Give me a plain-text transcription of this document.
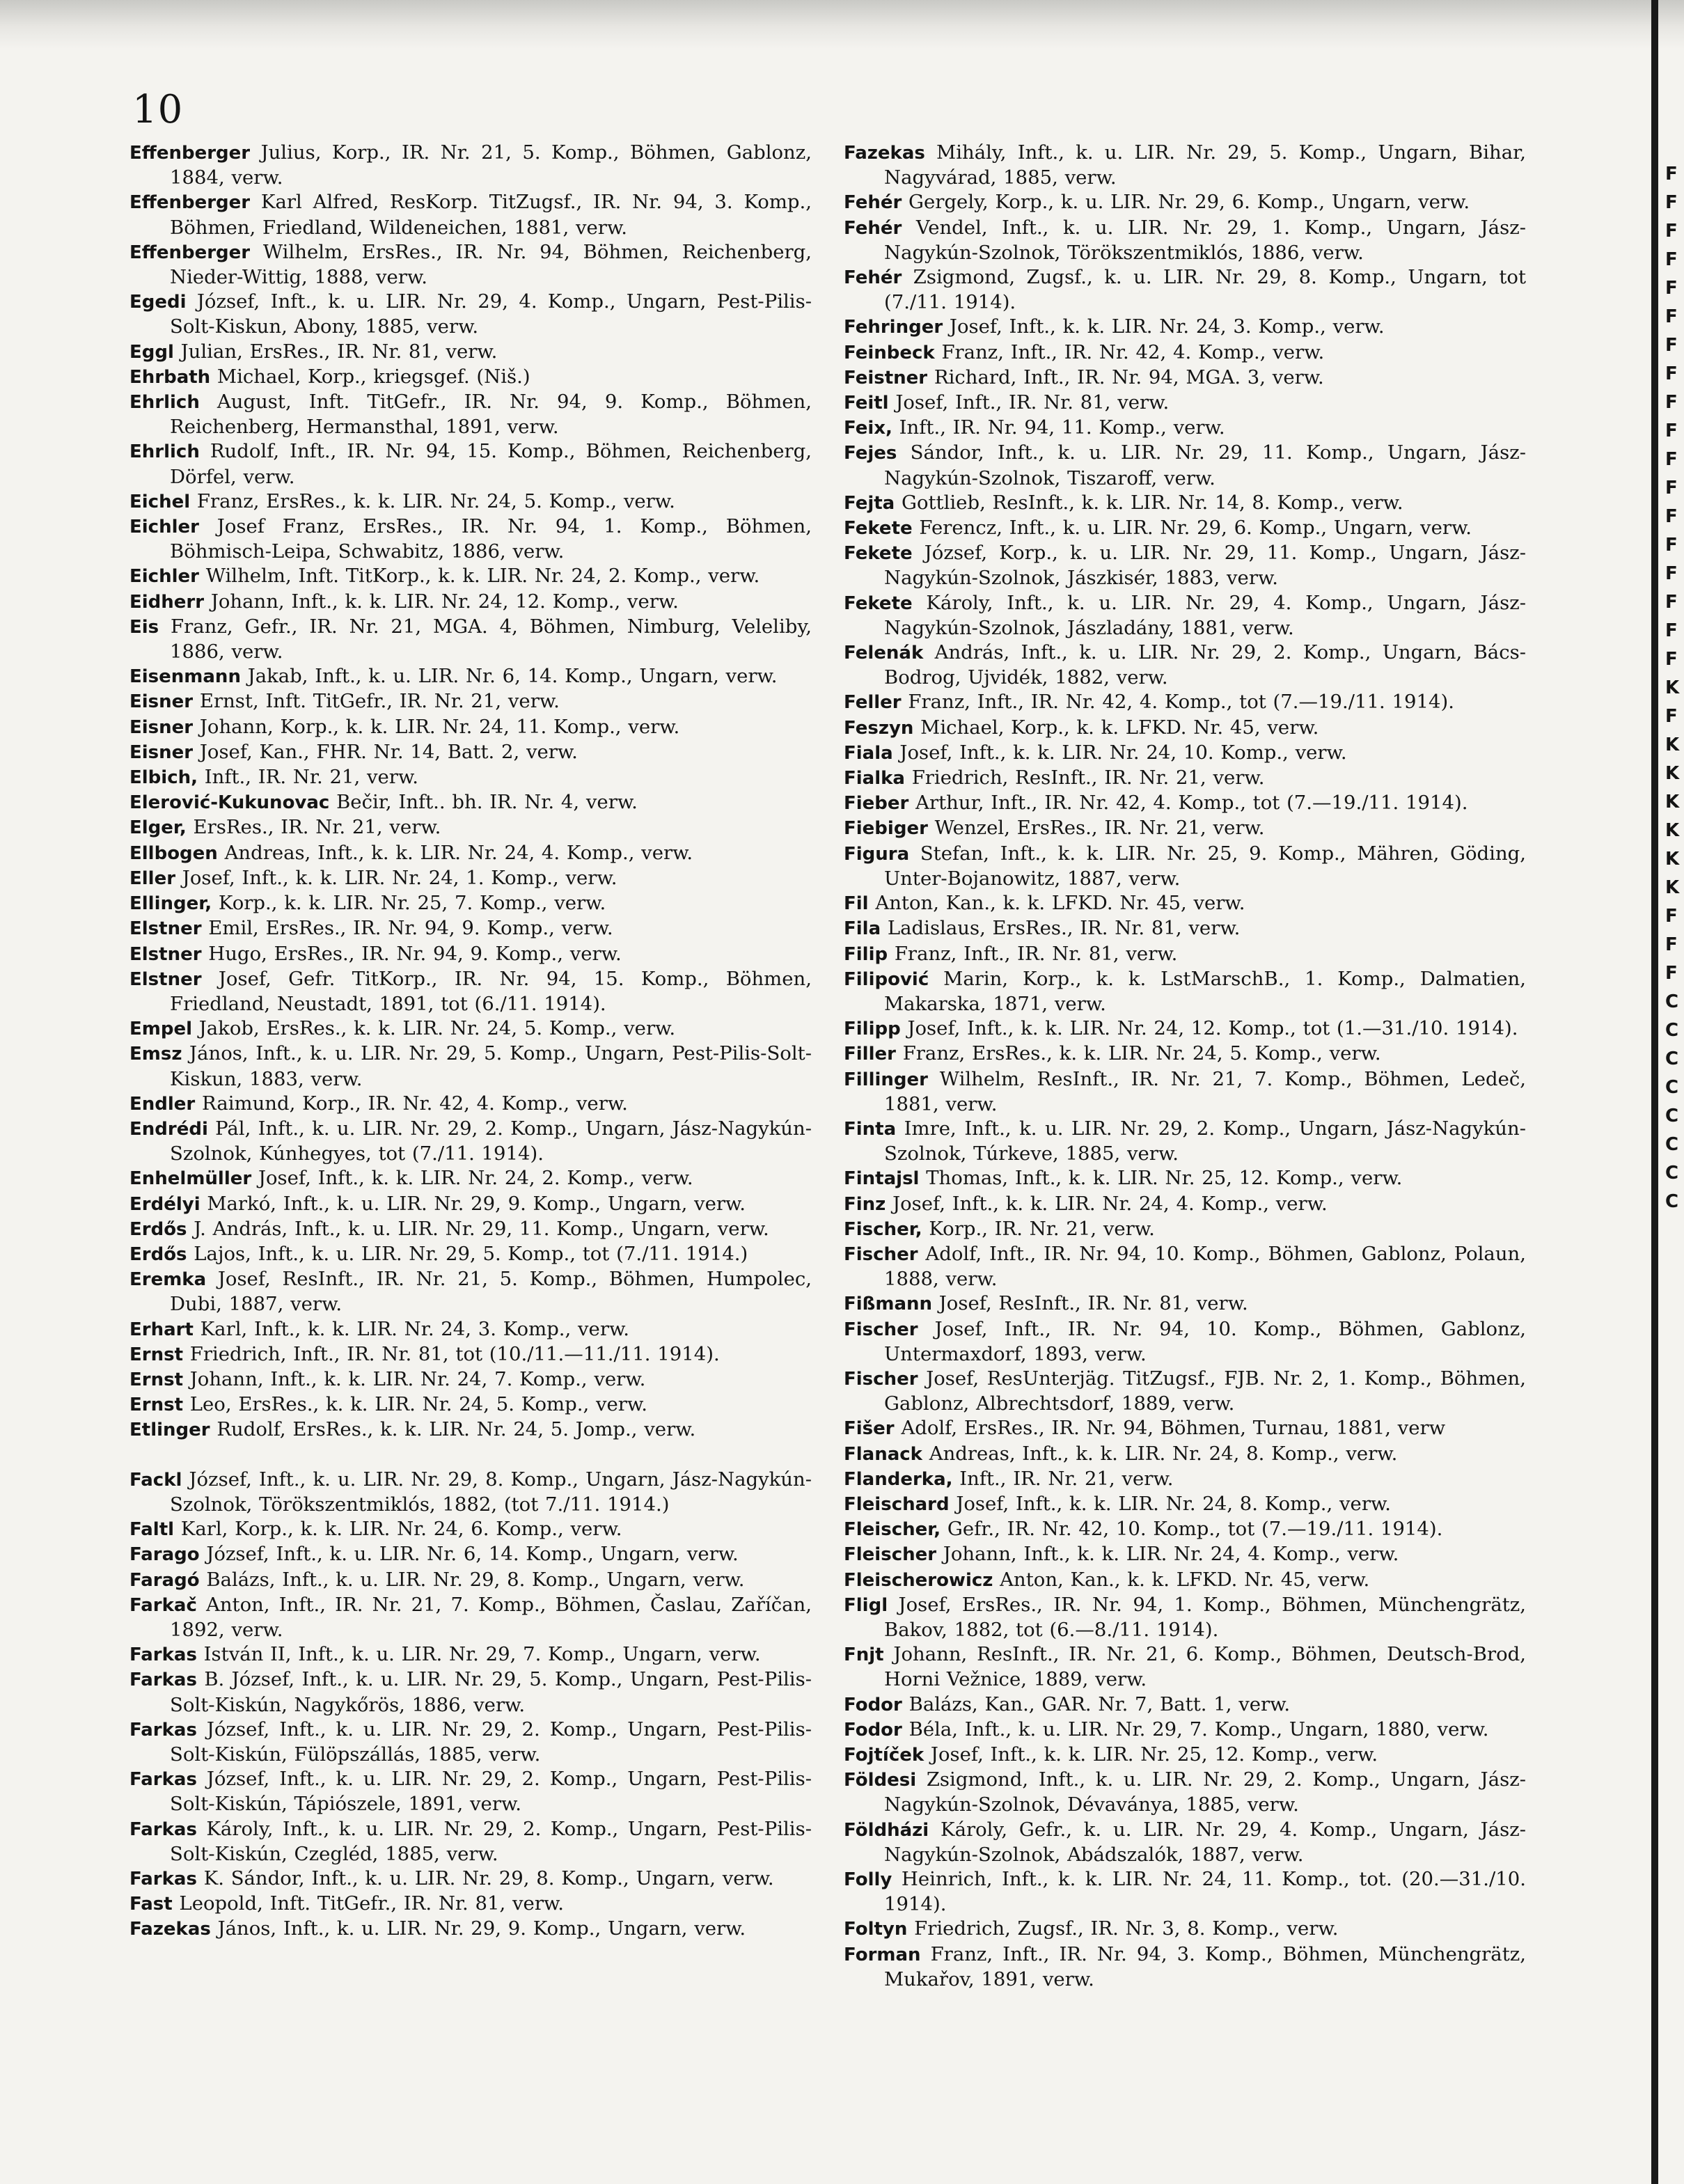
10

Effenberger Julius, Korp., IR. Nr. 21, 5. Komp., Böhmen, Gablonz, 1884, verw.

Effenberger Karl Alfred, ResKorp. TitZugsf., IR. Nr. 94, 3. Komp., Böhmen, Friedland, Wildeneichen, 1881, verw.

Effenberger Wilhelm, ErsRes., IR. Nr. 94, Böhmen, Reichenberg, Nieder-Wittig, 1888, verw.

Egedi József, Inft., k. u. LIR. Nr. 29, 4. Komp., Ungarn, Pest-Pilis-Solt-Kiskun, Abony, 1885, verw.

Eggl Julian, ErsRes., IR. Nr. 81, verw.

Ehrbath Michael, Korp., kriegsgef. (Niš.)

Ehrlich August, Inft. TitGefr., IR. Nr. 94, 9. Komp., Böhmen, Reichenberg, Hermansthal, 1891, verw.

Ehrlich Rudolf, Inft., IR. Nr. 94, 15. Komp., Böhmen, Reichenberg, Dörfel, verw.

Eichel Franz, ErsRes., k. k. LIR. Nr. 24, 5. Komp., verw.

Eichler Josef Franz, ErsRes., IR. Nr. 94, 1. Komp., Böhmen, Böhmisch-Leipa, Schwabitz, 1886, verw.

Eichler Wilhelm, Inft. TitKorp., k. k. LIR. Nr. 24, 2. Komp., verw.

Eidherr Johann, Inft., k. k. LIR. Nr. 24, 12. Komp., verw.

Eis Franz, Gefr., IR. Nr. 21, MGA. 4, Böhmen, Nimburg, Veleliby, 1886, verw.

Eisenmann Jakab, Inft., k. u. LIR. Nr. 6, 14. Komp., Ungarn, verw.

Eisner Ernst, Inft. TitGefr., IR. Nr. 21, verw.

Eisner Johann, Korp., k. k. LIR. Nr. 24, 11. Komp., verw.

Eisner Josef, Kan., FHR. Nr. 14, Batt. 2, verw.

Elbich, Inft., IR. Nr. 21, verw.

Elerović-Kukunovac Bečir, Inft.. bh. IR. Nr. 4, verw.

Elger, ErsRes., IR. Nr. 21, verw.

Ellbogen Andreas, Inft., k. k. LIR. Nr. 24, 4. Komp., verw.

Eller Josef, Inft., k. k. LIR. Nr. 24, 1. Komp., verw.

Ellinger, Korp., k. k. LIR. Nr. 25, 7. Komp., verw.

Elstner Emil, ErsRes., IR. Nr. 94, 9. Komp., verw.

Elstner Hugo, ErsRes., IR. Nr. 94, 9. Komp., verw.

Elstner Josef, Gefr. TitKorp., IR. Nr. 94, 15. Komp., Böhmen, Friedland, Neustadt, 1891, tot (6./11. 1914).

Empel Jakob, ErsRes., k. k. LIR. Nr. 24, 5. Komp., verw.

Emsz János, Inft., k. u. LIR. Nr. 29, 5. Komp., Ungarn, Pest-Pilis-Solt-Kiskun, 1883, verw.

Endler Raimund, Korp., IR. Nr. 42, 4. Komp., verw.

Endrédi Pál, Inft., k. u. LIR. Nr. 29, 2. Komp., Ungarn, Jász-Nagykún-Szolnok, Kúnhegyes, tot (7./11. 1914).

Enhelmüller Josef, Inft., k. k. LIR. Nr. 24, 2. Komp., verw.

Erdélyi Markó, Inft., k. u. LIR. Nr. 29, 9. Komp., Ungarn, verw.

Erdős J. András, Inft., k. u. LIR. Nr. 29, 11. Komp., Ungarn, verw.

Erdős Lajos, Inft., k. u. LIR. Nr. 29, 5. Komp., tot (7./11. 1914.)

Eremka Josef, ResInft., IR. Nr. 21, 5. Komp., Böhmen, Humpolec, Dubi, 1887, verw.

Erhart Karl, Inft., k. k. LIR. Nr. 24, 3. Komp., verw.

Ernst Friedrich, Inft., IR. Nr. 81, tot (10./11.—11./11. 1914).

Ernst Johann, Inft., k. k. LIR. Nr. 24, 7. Komp., verw.

Ernst Leo, ErsRes., k. k. LIR. Nr. 24, 5. Komp., verw.

Etlinger Rudolf, ErsRes., k. k. LIR. Nr. 24, 5. Jomp., verw.

Fackl József, Inft., k. u. LIR. Nr. 29, 8. Komp., Ungarn, Jász-Nagykún-Szolnok, Törökszentmiklós, 1882, (tot 7./11. 1914.)

Faltl Karl, Korp., k. k. LIR. Nr. 24, 6. Komp., verw.

Farago József, Inft., k. u. LIR. Nr. 6, 14. Komp., Ungarn, verw.

Faragó Balázs, Inft., k. u. LIR. Nr. 29, 8. Komp., Ungarn, verw.

Farkač Anton, Inft., IR. Nr. 21, 7. Komp., Böhmen, Časlau, Zaříčan, 1892, verw.

Farkas István II, Inft., k. u. LIR. Nr. 29, 7. Komp., Ungarn, verw.

Farkas B. József, Inft., k. u. LIR. Nr. 29, 5. Komp., Ungarn, Pest-Pilis-Solt-Kiskún, Nagykőrös, 1886, verw.

Farkas József, Inft., k. u. LIR. Nr. 29, 2. Komp., Ungarn, Pest-Pilis-Solt-Kiskún, Fülöpszállás, 1885, verw.

Farkas József, Inft., k. u. LIR. Nr. 29, 2. Komp., Ungarn, Pest-Pilis-Solt-Kiskún, Tápiószele, 1891, verw.

Farkas Károly, Inft., k. u. LIR. Nr. 29, 2. Komp., Ungarn, Pest-Pilis-Solt-Kiskún, Czegléd, 1885, verw.

Farkas K. Sándor, Inft., k. u. LIR. Nr. 29, 8. Komp., Ungarn, verw.

Fast Leopold, Inft. TitGefr., IR. Nr. 81, verw.

Fazekas János, Inft., k. u. LIR. Nr. 29, 9. Komp., Ungarn, verw.

Fazekas Mihály, Inft., k. u. LIR. Nr. 29, 5. Komp., Ungarn, Bihar, Nagyvárad, 1885, verw.

Fehér Gergely, Korp., k. u. LIR. Nr. 29, 6. Komp., Ungarn, verw.

Fehér Vendel, Inft., k. u. LIR. Nr. 29, 1. Komp., Ungarn, Jász-Nagykún-Szolnok, Törökszentmiklós, 1886, verw.

Fehér Zsigmond, Zugsf., k. u. LIR. Nr. 29, 8. Komp., Ungarn, tot (7./11. 1914).

Fehringer Josef, Inft., k. k. LIR. Nr. 24, 3. Komp., verw.

Feinbeck Franz, Inft., IR. Nr. 42, 4. Komp., verw.

Feistner Richard, Inft., IR. Nr. 94, MGA. 3, verw.

Feitl Josef, Inft., IR. Nr. 81, verw.

Feix, Inft., IR. Nr. 94, 11. Komp., verw.

Fejes Sándor, Inft., k. u. LIR. Nr. 29, 11. Komp., Ungarn, Jász-Nagykún-Szolnok, Tiszaroff, verw.

Fejta Gottlieb, ResInft., k. k. LIR. Nr. 14, 8. Komp., verw.

Fekete Ferencz, Inft., k. u. LIR. Nr. 29, 6. Komp., Ungarn, verw.

Fekete József, Korp., k. u. LIR. Nr. 29, 11. Komp., Ungarn, Jász-Nagykún-Szolnok, Jászkisér, 1883, verw.

Fekete Károly, Inft., k. u. LIR. Nr. 29, 4. Komp., Ungarn, Jász-Nagykún-Szolnok, Jászladány, 1881, verw.

Felenák András, Inft., k. u. LIR. Nr. 29, 2. Komp., Ungarn, Bács-Bodrog, Ujvidék, 1882, verw.

Feller Franz, Inft., IR. Nr. 42, 4. Komp., tot (7.—19./11. 1914).

Feszyn Michael, Korp., k. k. LFKD. Nr. 45, verw.

Fiala Josef, Inft., k. k. LIR. Nr. 24, 10. Komp., verw.

Fialka Friedrich, ResInft., IR. Nr. 21, verw.

Fieber Arthur, Inft., IR. Nr. 42, 4. Komp., tot (7.—19./11. 1914).

Fiebiger Wenzel, ErsRes., IR. Nr. 21, verw.

Figura Stefan, Inft., k. k. LIR. Nr. 25, 9. Komp., Mähren, Göding, Unter-Bojanowitz, 1887, verw.

Fil Anton, Kan., k. k. LFKD. Nr. 45, verw.

Fila Ladislaus, ErsRes., IR. Nr. 81, verw.

Filip Franz, Inft., IR. Nr. 81, verw.

Filipović Marin, Korp., k. k. LstMarschB., 1. Komp., Dalmatien, Makarska, 1871, verw.

Filipp Josef, Inft., k. k. LIR. Nr. 24, 12. Komp., tot (1.—31./10. 1914).

Filler Franz, ErsRes., k. k. LIR. Nr. 24, 5. Komp., verw.

Fillinger Wilhelm, ResInft., IR. Nr. 21, 7. Komp., Böhmen, Ledeč, 1881, verw.

Finta Imre, Inft., k. u. LIR. Nr. 29, 2. Komp., Ungarn, Jász-Nagykún-Szolnok, Túrkeve, 1885, verw.

Fintajsl Thomas, Inft., k. k. LIR. Nr. 25, 12. Komp., verw.

Finz Josef, Inft., k. k. LIR. Nr. 24, 4. Komp., verw.

Fischer, Korp., IR. Nr. 21, verw.

Fischer Adolf, Inft., IR. Nr. 94, 10. Komp., Böhmen, Gablonz, Polaun, 1888, verw.

Fißmann Josef, ResInft., IR. Nr. 81, verw.

Fischer Josef, Inft., IR. Nr. 94, 10. Komp., Böhmen, Gablonz, Untermaxdorf, 1893, verw.

Fischer Josef, ResUnterjäg. TitZugsf., FJB. Nr. 2, 1. Komp., Böhmen, Gablonz, Albrechtsdorf, 1889, verw.

Fišer Adolf, ErsRes., IR. Nr. 94, Böhmen, Turnau, 1881, verw

Flanack Andreas, Inft., k. k. LIR. Nr. 24, 8. Komp., verw.

Flanderka, Inft., IR. Nr. 21, verw.

Fleischard Josef, Inft., k. k. LIR. Nr. 24, 8. Komp., verw.

Fleischer, Gefr., IR. Nr. 42, 10. Komp., tot (7.—19./11. 1914).

Fleischer Johann, Inft., k. k. LIR. Nr. 24, 4. Komp., verw.

Fleischerowicz Anton, Kan., k. k. LFKD. Nr. 45, verw.

Fligl Josef, ErsRes., IR. Nr. 94, 1. Komp., Böhmen, Münchengrätz, Bakov, 1882, tot (6.—8./11. 1914).

Fnjt Johann, ResInft., IR. Nr. 21, 6. Komp., Böhmen, Deutsch-Brod, Horni Vežnice, 1889, verw.

Fodor Balázs, Kan., GAR. Nr. 7, Batt. 1, verw.

Fodor Béla, Inft., k. u. LIR. Nr. 29, 7. Komp., Ungarn, 1880, verw.

Fojtíček Josef, Inft., k. k. LIR. Nr. 25, 12. Komp., verw.

Földesi Zsigmond, Inft., k. u. LIR. Nr. 29, 2. Komp., Ungarn, Jász-Nagykún-Szolnok, Dévaványa, 1885, verw.

Földházi Károly, Gefr., k. u. LIR. Nr. 29, 4. Komp., Ungarn, Jász-Nagykún-Szolnok, Abádszalók, 1887, verw.

Folly Heinrich, Inft., k. k. LIR. Nr. 24, 11. Komp., tot. (20.—31./10. 1914).

Foltyn Friedrich, Zugsf., IR. Nr. 3, 8. Komp., verw.

Forman Franz, Inft., IR. Nr. 94, 3. Komp., Böhmen, Münchengrätz, Mukařov, 1891, verw.

F
F
F
F
F
F
F
F
F
F
F
F
F
F
F
F
F
F
K
F
K
K
K
K
K
K
F
F
F
C
C
C
C
C
C
C
C
